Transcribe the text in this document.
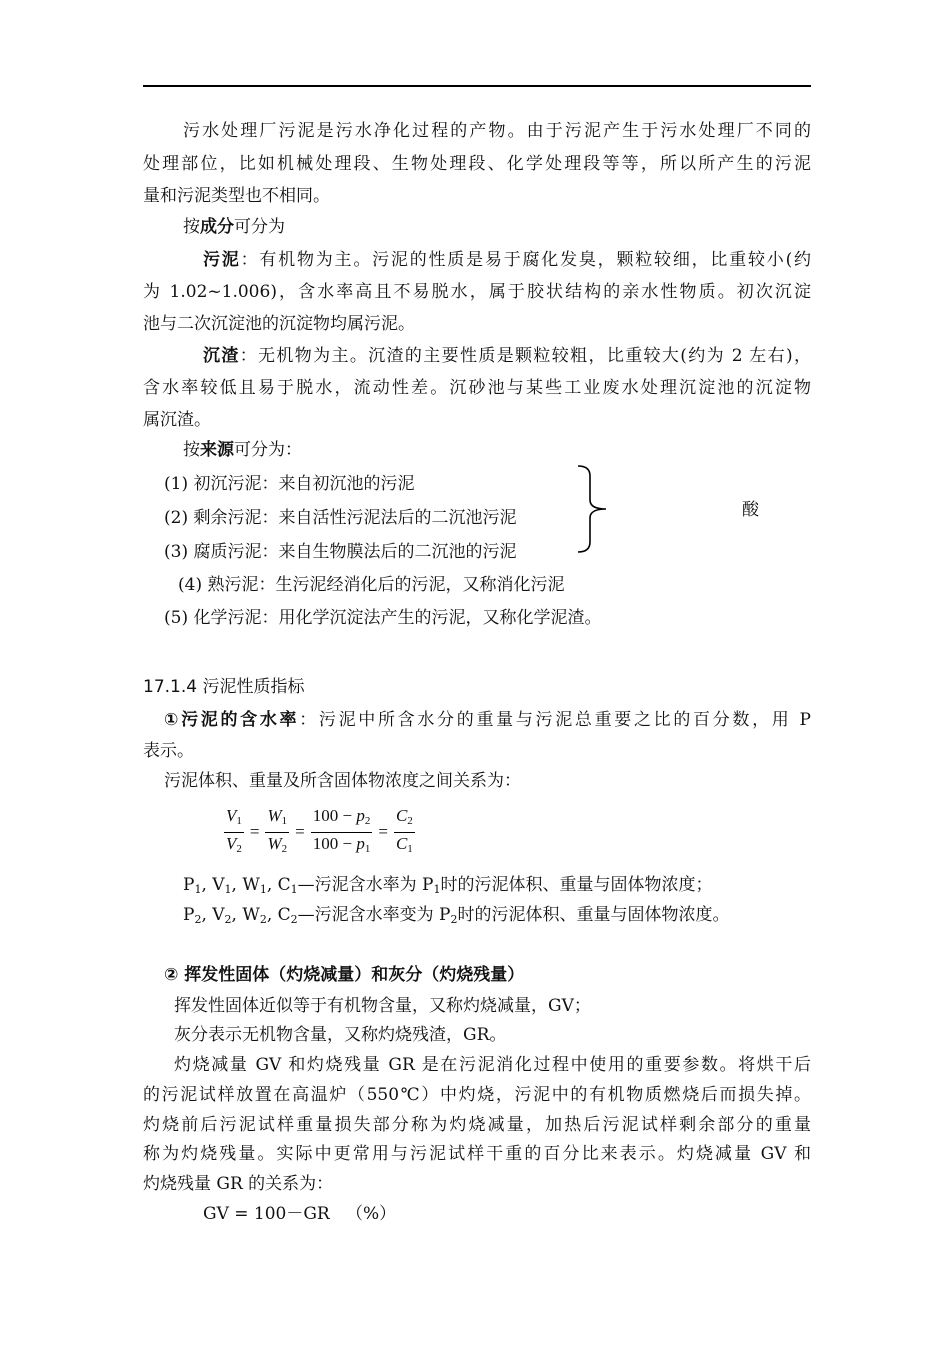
污水处理厂污泥是污水净化过程的产物。由于污泥产生于污水处理厂不同的
处理部位，比如机械处理段、生物处理段、化学处理段等等，所以所产生的污泥
量和污泥类型也不相同。
按成分可分为
污泥：有机物为主。污泥的性质是易于腐化发臭，颗粒较细，比重较小(约
为 1.02~1.006)，含水率高且不易脱水，属于胶状结构的亲水性物质。初次沉淀
池与二次沉淀池的沉淀物均属污泥。
沉渣：无机物为主。沉渣的主要性质是颗粒较粗，比重较大(约为 2 左右)，
含水率较低且易于脱水，流动性差。沉砂池与某些工业废水处理沉淀池的沉淀物
属沉渣。
按来源可分为：
(1) 初沉污泥：来自初沉池的污泥
(2) 剩余污泥：来自活性污泥法后的二沉池污泥
(3) 腐质污泥：来自生物膜法后的二沉池的污泥
(4) 熟污泥：生污泥经消化后的污泥，又称消化污泥
(5) 化学污泥：用化学沉淀法产生的污泥，又称化学泥渣。
酸
17.1.4 污泥性质指标
①污泥的含水率：污泥中所含水分的重量与污泥总重要之比的百分数，用 P
表示。
污泥体积、重量及所含固体物浓度之间关系为：
$\frac{V_1}{V_2} = \frac{W_1}{W_2} = \frac{100 - p_2}{100 - p_1} = \frac{C_2}{C_1}$
$P_1$, $V_1$, $W_1$, $C_1—$污泥含水率为 $P_1$时的污泥体积、重量与固体物浓度；
$P_2$, $V_2$, $W_2$, $C_2—$污泥含水率变为 $P_2$时的污泥体积、重量与固体物浓度。
② 挥发性固体（灼烧减量）和灰分（灼烧残量）
挥发性固体近似等于有机物含量，又称灼烧减量，GV；
灰分表示无机物含量，又称灼烧残渣，GR。
灼烧减量 GV 和灼烧残量 GR 是在污泥消化过程中使用的重要参数。将烘干后
的污泥试样放置在高温炉（550℃）中灼烧，污泥中的有机物质燃烧后而损失掉。
灼烧前后污泥试样重量损失部分称为灼烧减量，加热后污泥试样剩余部分的重量
称为灼烧残量。实际中更常用与污泥试样干重的百分比来表示。灼烧减量 GV 和
灼烧残量 GR 的关系为：
GV = 100－GR   （%）
